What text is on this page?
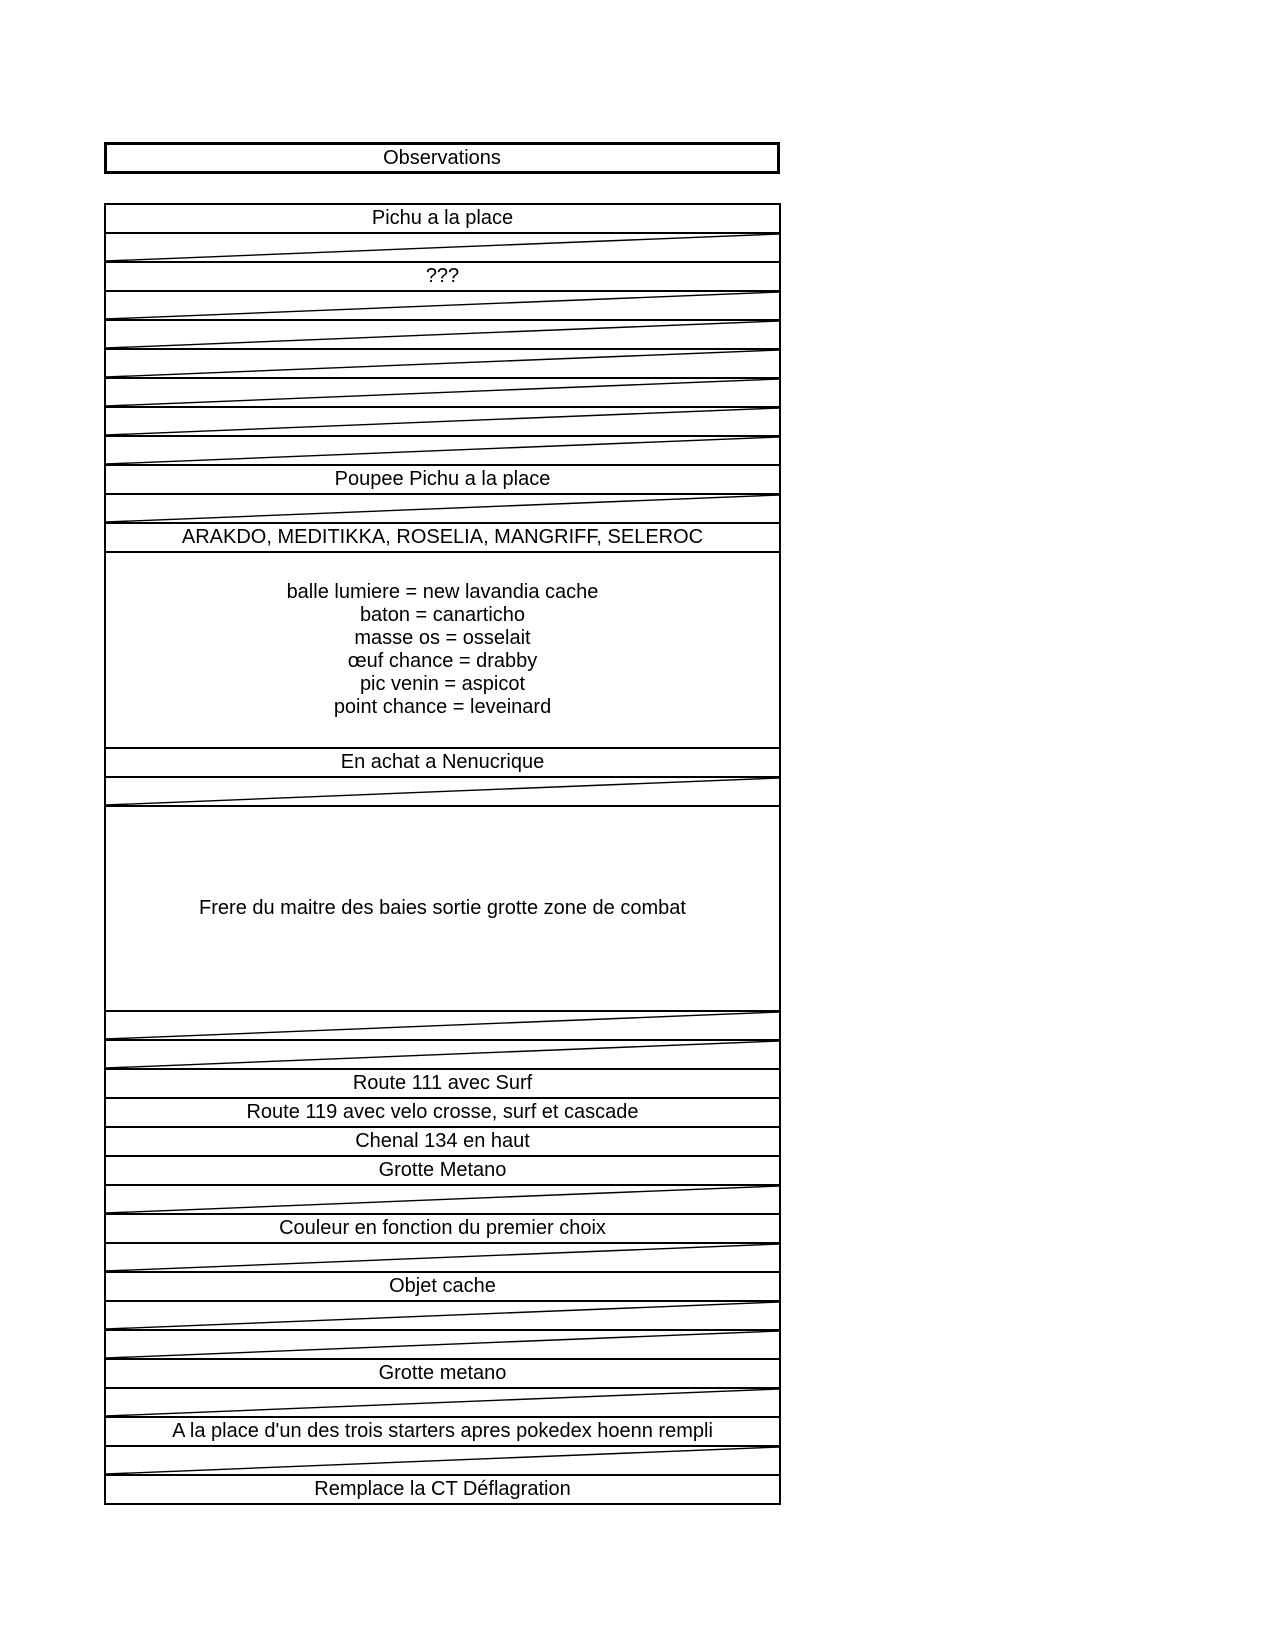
Observations
Pichu a la place
???
Poupee Pichu a la place
ARAKDO, MEDITIKKA, ROSELIA, MANGRIFF, SELEROC
balle lumiere = new lavandia cache
baton = canarticho
masse os = osselait
œuf chance = drabby
pic venin = aspicot
point chance = leveinard
En achat a Nenucrique
Frere du maitre des baies sortie grotte zone de combat
Route 111 avec Surf
Route 119 avec velo crosse, surf et cascade
Chenal 134 en haut
Grotte Metano
Couleur en fonction du premier choix
Objet cache
Grotte metano
A la place d'un des trois starters apres pokedex hoenn rempli
Remplace la CT Déflagration
